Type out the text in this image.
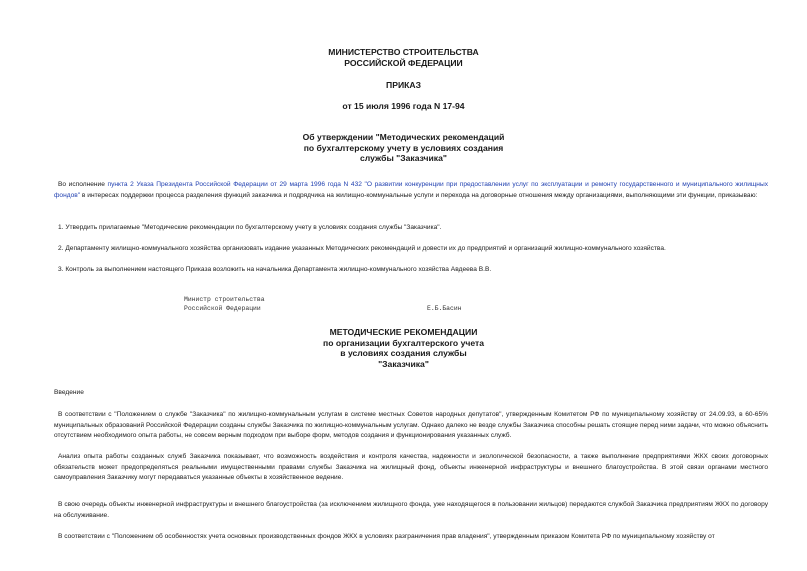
МИНИСТЕРСТВО СТРОИТЕЛЬСТВА
РОССИЙСКОЙ ФЕДЕРАЦИИ
ПРИКАЗ
от 15 июля 1996 года N 17-94
Об утверждении "Методических рекомендаций
по бухгалтерскому учету в условиях создания
службы "Заказчика"
Во исполнение пункта 2 Указа Президента Российской Федерации от 29 марта 1996 года N 432 "О развитии конкуренции при предоставлении услуг по эксплуатации и ремонту государственного и муниципального жилищных фондов" в интересах поддержки процесса разделения функций заказчика и подрядчика на жилищно-коммунальные услуги и перехода на договорные отношения между организациями, выполняющими эти функции, приказываю:
1. Утвердить прилагаемые "Методические рекомендации по бухгалтерскому учету в условиях создания службы "Заказчика".
2. Департаменту жилищно-коммунального хозяйства организовать издание указанных Методических рекомендаций и довести их до предприятий и организаций жилищно-коммунального хозяйства.
3. Контроль за выполнением настоящего Приказа возложить на начальника Департамента жилищно-коммунального хозяйства Авдеева В.В.
Министр строительства
Российской Федерации	Е.Б.Басин
МЕТОДИЧЕСКИЕ РЕКОМЕНДАЦИИ
по организации бухгалтерского учета
в условиях создания службы
"Заказчика"
Введение
В соответствии с "Положением о службе "Заказчика" по жилищно-коммунальным услугам в системе местных Советов народных депутатов", утвержденным Комитетом РФ по муниципальному хозяйству от 24.09.93, в 60-65% муниципальных образований Российской Федерации созданы службы Заказчика по жилищно-коммунальным услугам. Однако далеко не везде службы Заказчика способны решать стоящие перед ними задачи, что можно объяснить отсутствием необходимого опыта работы, не совсем верным подходом при выборе форм, методов создания и функционирования указанных служб.
Анализ опыта работы созданных служб Заказчика показывает, что возможность воздействия и контроля качества, надежности и экологической безопасности, а также выполнение предприятиями ЖКХ своих договорных обязательств может предопределяться реальными имущественными правами службы Заказчика на жилищный фонд, объекты инженерной инфраструктуры и внешнего благоустройства. В этой связи органами местного самоуправления Заказчику могут передаваться указанные объекты в хозяйственное ведение.
В свою очередь объекты инженерной инфраструктуры и внешнего благоустройства (за исключением жилищного фонда, уже находящегося в пользовании жильцов) передаются службой Заказчика предприятиям ЖКХ по договору на обслуживание.
В соответствии с "Положением об особенностях учета основных производственных фондов ЖКХ в условиях разграничения прав владения", утвержденным приказом Комитета РФ по муниципальному хозяйству от
